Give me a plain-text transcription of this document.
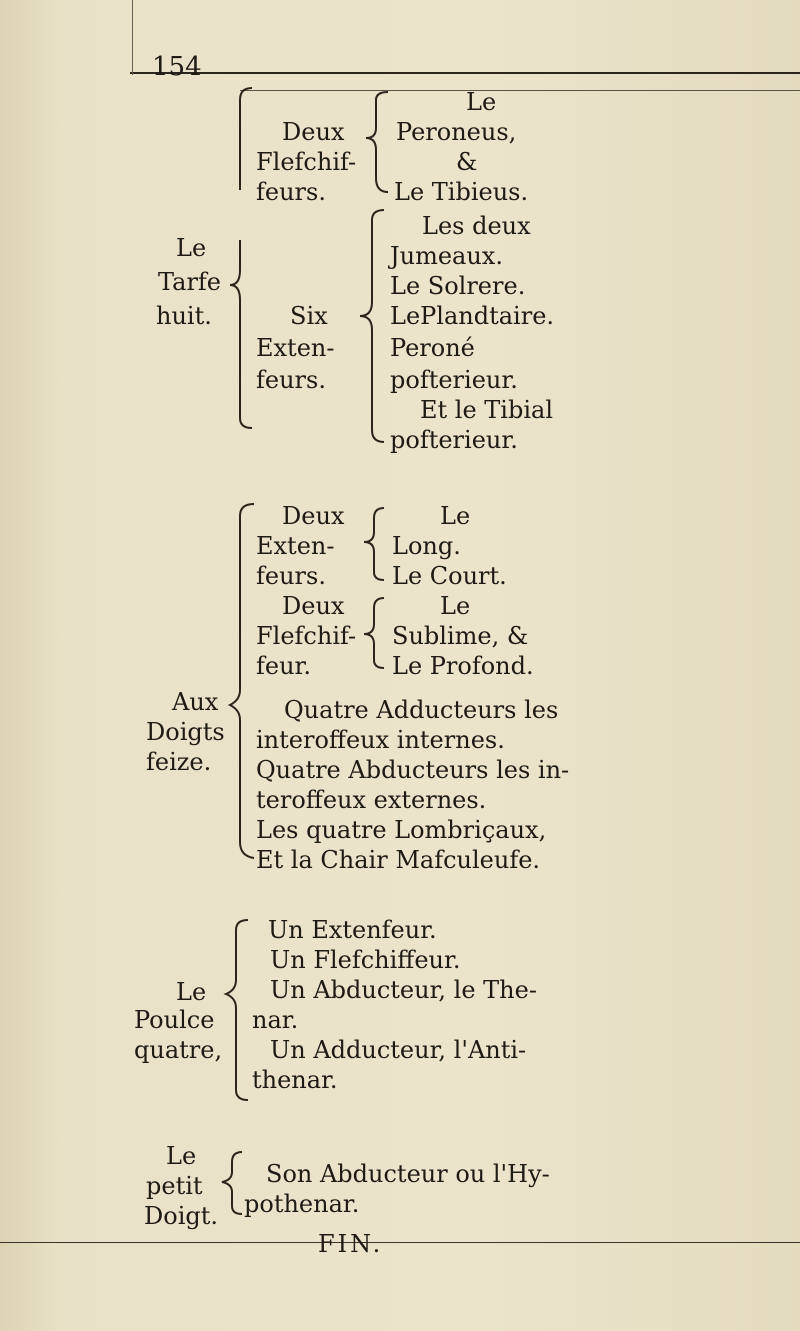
154
Le
Tarfe
huit.
Deux
Flefchif-
feurs.
Le
Peroneus,
&
Le Tibieus.
Six
Exten-
feurs.
Les deux
Jumeaux.
Le Solrere.
LePlandtaire.
Peroné
pofterieur.
Et le Tibial
pofterieur.
Aux
Doigts
feize.
Deux
Exten-
feurs.
Le
Long.
Le Court.
Deux
Flefchif-
feur.
Le
Sublime, &
Le Profond.
Quatre Adducteurs les
interoffeux internes.
Quatre Abducteurs les in-
teroffeux externes.
Les quatre Lombriçaux,
Et la Chair Mafculeufe.
Le
Poulce
quatre,
Un Extenfeur.
Un Flefchiffeur.
Un Abducteur, le The-
nar.
Un Adducteur, l'Anti-
thenar.
Le
petit
Doigt.
Son Abducteur ou l'Hy-
pothenar.
FIN.
